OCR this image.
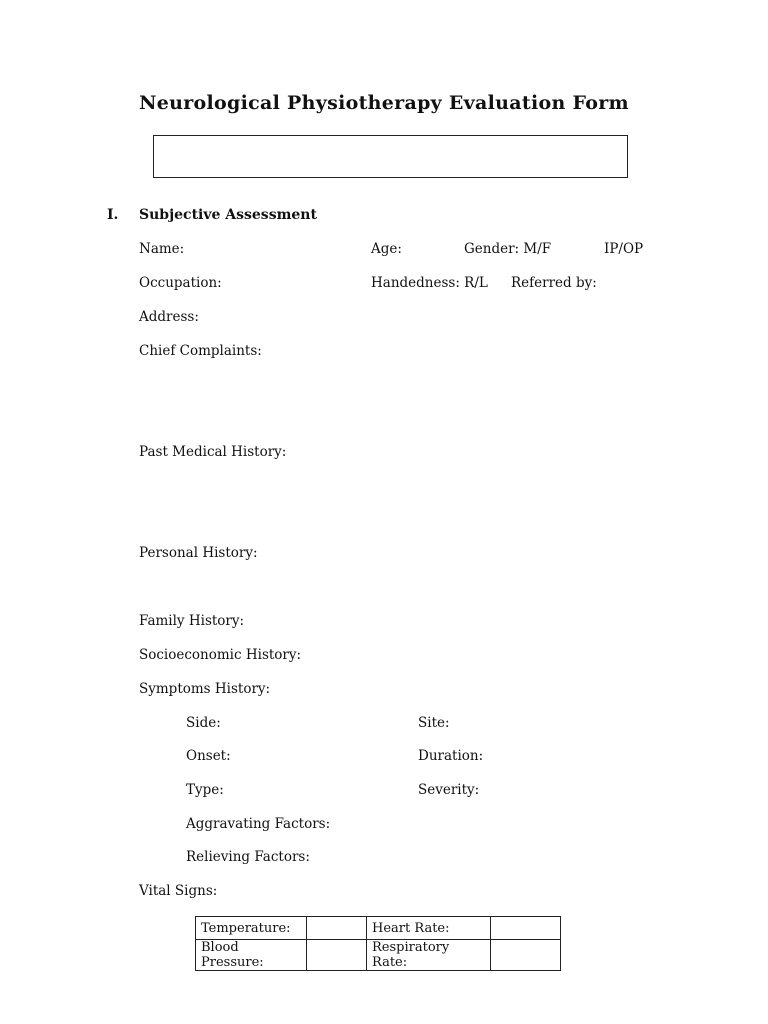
Neurological Physiotherapy Evaluation Form
I. Subjective Assessment
Name:	Age:	Gender: M/F	IP/OP
Occupation:	Handedness: R/L Referred by:
Address:
Chief Complaints:
Past Medical History:
Personal History:
Family History:
Socioeconomic History:
Symptoms History:
Side:	Site:
Onset:	Duration:
Type:	Severity:
Aggravating Factors:
Relieving Factors:
Vital Signs:
Temperature:		Heart Rate:	
Blood Pressure:		Respiratory Rate:	
